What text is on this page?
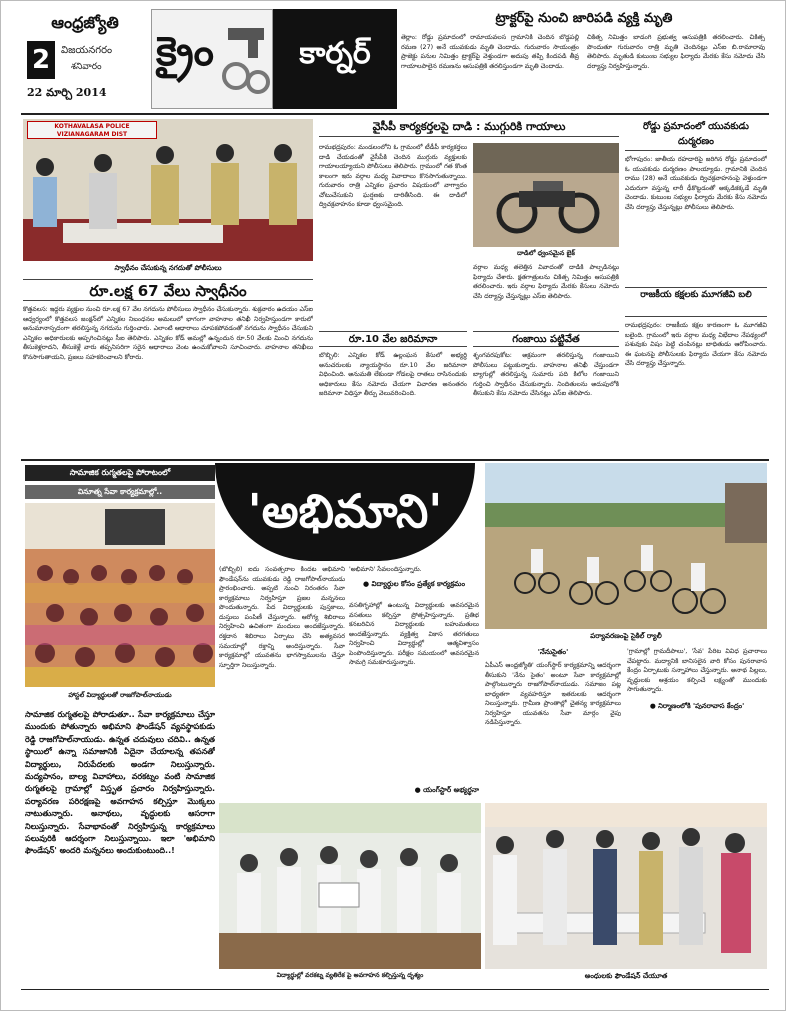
ఆంధ్రజ్యోతి
2	విజయనగరం
శనివారం
22 మార్చి 2014
క్రైం	కార్నర్
ట్రాక్టర్‌పై నుంచి జారిపడి వ్యక్తి మృతి
తెర్లాం: రోడ్డు ప్రమాదంలో రామాయవలస గ్రామానికి చెందిన బొడ్డపల్లి రమణ (27) అనే యువకుడు మృతి చెందాడు. గురువారం సాయంత్రం ప్రాజెక్టు పనుల నిమిత్తం ట్రాక్టర్‌పై వెళ్తుండగా అదుపు తప్పి కిందపడి తీవ్ర గాయాలపాలైన రమణను ఆసుపత్రికి తరలిస్తుండగా మృతి చెందాడు.
చికిత్స నిమిత్తం బాడంగి ప్రభుత్వ ఆసుపత్రికి తరలించారు. చికిత్స పొందుతూ గురువారం రాత్రి మృతి చెందినట్లు ఎస్‌ఐ బి.రామారావు తెలిపారు. మృతుడి కుటుంబ సభ్యుల ఫిర్యాదు మేరకు కేసు నమోదు చేసి దర్యాప్తు నిర్వహిస్తున్నారు.
KOTHAVALASA POLICE VIZIANAGARAM DIST
స్వాధీనం చేసుకున్న నగదుతో పోలీసులు
రూ.లక్ష 67 వేలు స్వాధీనం
కొత్తవలస: ఇద్దరు వ్యక్తుల నుంచి రూ.లక్ష 67 వేల నగదును పోలీసులు స్వాధీనం చేసుకున్నారు. శుక్రవారం ఉదయం ఎస్‌ఐ ఆధ్వర్యంలో కొత్తవలస జంక్షన్‌లో ఎన్నికల నిబంధనల అమలులో భాగంగా వాహనాల తనిఖీ నిర్వహిస్తుండగా కారులో అనుమానాస్పదంగా తరలిస్తున్న నగదును గుర్తించారు. ఎలాంటి ఆధారాలు చూపకపోవడంతో నగదును స్వాధీనం చేసుకుని ఎన్నికల అధికారులకు అప్పగించినట్లు సీఐ తెలిపారు. ఎన్నికల కోడ్ అమల్లో ఉన్నందున రూ.50 వేలకు మించి నగదును తీసుకెళ్లరాదని, తీసుకెళ్లే వారు తప్పనిసరిగా సరైన ఆధారాలు వెంట ఉంచుకోవాలని సూచించారు. వాహనాల తనిఖీలు కొనసాగుతాయని, ప్రజలు సహకరించాలని కోరారు.
వైసీపీ కార్యకర్తలపై దాడి : ముగ్గురికి గాయాలు
రామభద్రపురం: మండలంలోని ఓ గ్రామంలో టీడీపీ కార్యకర్తలు దాడి చేయడంతో వైసీపీకి చెందిన ముగ్గురు వ్యక్తులకు గాయాలయ్యాయని పోలీసులు తెలిపారు. గ్రామంలో గత కొంత కాలంగా ఇరు వర్గాల మధ్య వివాదాలు కొనసాగుతున్నాయి. గురువారం రాత్రి ఎన్నికల ప్రచారం విషయంలో వాగ్వాదం చోటుచేసుకుని ఘర్షణకు దారితీసింది. ఈ దాడిలో ద్విచక్రవాహనం కూడా ధ్వంసమైంది.
దాడిలో ధ్వంసమైన బైక్
వర్గాల మధ్య తలెత్తిన వివాదంతో దాడికి పాల్పడినట్లు ఫిర్యాదు చేశారు. క్షతగాత్రులను చికిత్స నిమిత్తం ఆసుపత్రికి తరలించారు. ఇరు వర్గాల ఫిర్యాదు మేరకు కేసులు నమోదు చేసి దర్యాప్తు చేస్తున్నట్లు ఎస్‌ఐ తెలిపారు.
రూ.10 వేల జరిమానా
బొబ్బిలి: ఎన్నికల కోడ్ ఉల్లంఘన కేసులో అభ్యర్థి అనుచరులకు న్యాయస్థానం రూ.10 వేల జరిమానా విధించింది. అనుమతి లేకుండా గోడలపై రాతలు రాసినందుకు అధికారులు కేసు నమోదు చేయగా విచారణ అనంతరం జరిమానా విధిస్తూ తీర్పు వెలువరించింది.
గంజాయి పట్టివేత
శృంగవరపుకోట: అక్రమంగా తరలిస్తున్న గంజాయిని పోలీసులు పట్టుకున్నారు. వాహనాల తనిఖీ చేస్తుండగా బ్యాగుల్లో తరలిస్తున్న సుమారు పది కిలోల గంజాయిని గుర్తించి స్వాధీనం చేసుకున్నారు. నిందితులను అదుపులోకి తీసుకుని కేసు నమోదు చేసినట్లు ఎస్‌ఐ తెలిపారు.
రోడ్డు ప్రమాదంలో యువకుడు దుర్మరణం
భోగాపురం: జాతీయ రహదారిపై జరిగిన రోడ్డు ప్రమాదంలో ఓ యువకుడు దుర్మరణం పాలయ్యాడు. గ్రామానికి చెందిన రాము (28) అనే యువకుడు ద్విచక్రవాహనంపై వెళ్తుండగా ఎదురుగా వస్తున్న లారీ ఢీకొట్టడంతో అక్కడికక్కడే మృతి చెందాడు. కుటుంబ సభ్యుల ఫిర్యాదు మేరకు కేసు నమోదు చేసి దర్యాప్తు చేస్తున్నట్లు పోలీసులు తెలిపారు.
రాజకీయ కక్షలకు మూగజీవి బలి
రామభద్రపురం: రాజకీయ కక్షల కారణంగా ఓ మూగజీవి బలైంది. గ్రామంలో ఇరు వర్గాల మధ్య విభేదాల నేపథ్యంలో పశువుకు విషం పెట్టి చంపినట్లు బాధితుడు ఆరోపించారు. ఈ ఘటనపై పోలీసులకు ఫిర్యాదు చేయగా కేసు నమోదు చేసి దర్యాప్తు చేస్తున్నారు.
సామాజిక రుగ్మతలపై పోరాటంలో
వినూత్న సేవా కార్యక్రమాల్లో..	'అభిమాని'
హాస్టల్ విద్యార్థులతో రాజగోపాల్‌నాయుడు
సామాజిక రుగ్మతలపై పోరాడుతూ.. సేవా కార్యక్రమాలు చేస్తూ ముందుకు పోతున్నారు అభిమాని ఫౌండేషన్ వ్యవస్థాపకుడు రెడ్డి రాజగోపాల్‌నాయుడు. ఉన్నత చదువులు చదివి.. ఉన్నత స్థాయిలో ఉన్నా సమాజానికి ఏదైనా చేయాలన్న తపనతో విద్యార్థులు, నిరుపేదలకు అండగా నిలుస్తున్నారు. మద్యపానం, బాల్య వివాహాలు, వరకట్నం వంటి సామాజిక రుగ్మతలపై గ్రామాల్లో విస్తృత ప్రచారం నిర్వహిస్తున్నారు. పర్యావరణ పరిరక్షణపై అవగాహన కల్పిస్తూ మొక్కలు నాటుతున్నారు. అనాథలు, వృద్ధులకు ఆసరాగా నిలుస్తున్నారు. సేవాభావంతో నిర్వహిస్తున్న కార్యక్రమాలు పలువురికి ఆదర్శంగా నిలుస్తున్నాయి. ఇలా 'అభిమాని ఫౌండేషన్' అందరి మన్ననలు అందుకుంటుంది..!
(బొబ్బిలి) ఐదు సంవత్సరాల కిందట అభిమాని ఫౌండేషన్‌ను యువకుడు రెడ్డి రాజగోపాల్‌నాయుడు ప్రారంభించారు. అప్పటి నుంచి నిరంతరం సేవా కార్యక్రమాలు నిర్వహిస్తూ ప్రజల మన్ననలు పొందుతున్నారు. పేద విద్యార్థులకు పుస్తకాలు, దుస్తులు పంపిణీ చేస్తున్నారు. ఆరోగ్య శిబిరాలు నిర్వహించి ఉచితంగా మందులు అందజేస్తున్నారు. రక్తదాన శిబిరాలు ఏర్పాటు చేసి అత్యవసర సమయాల్లో రక్తాన్ని అందిస్తున్నారు. సేవా కార్యక్రమాల్లో యువతను భాగస్వాములను చేస్తూ స్ఫూర్తిగా నిలుస్తున్నారు.
'అభిమాని' సేవలందిస్తున్నారు.
● విద్యార్థుల కోసం ప్రత్యేక కార్యక్రమం
వసతిగృహాల్లో ఉంటున్న విద్యార్థులకు అవసరమైన వసతులు కల్పిస్తూ ప్రోత్సహిస్తున్నారు. ప్రతిభ కనబరిచిన విద్యార్థులకు బహుమతులు అందజేస్తున్నారు. వ్యక్తిత్వ వికాస తరగతులు నిర్వహించి విద్యార్థుల్లో ఆత్మవిశ్వాసం పెంపొందిస్తున్నారు. పరీక్షల సమయంలో అవసరమైన సామగ్రి సమకూరుస్తున్నారు.
● యంగ్‌స్టార్ అభ్యర్థనా
పర్యావరణంపై సైకిల్ ర్యాలీ
'నేనుసైతం'
ఏపీఎస్ ఆంధ్రజ్యోతి' యంగ్‌స్టార్ కార్యక్రమాన్ని ఆదర్శంగా తీసుకుని 'నేను సైతం' అంటూ సేవా కార్యక్రమాల్లో పాల్గొంటున్నారు రాజగోపాల్‌నాయుడు. సమాజం పట్ల బాధ్యతగా వ్యవహరిస్తూ ఇతరులకు ఆదర్శంగా నిలుస్తున్నారు. గ్రామీణ ప్రాంతాల్లో చైతన్య కార్యక్రమాలు నిర్వహిస్తూ యువతను సేవా మార్గం వైపు నడిపిస్తున్నారు.
'గ్రామాల్లో గ్రామదీపాలు', 'సేవ' పేరిట వివిధ ప్రచారాలు చేపట్టారు. మద్యానికి బానిసలైన వారి కోసం పునరావాస కేంద్రం ఏర్పాటుకు సన్నాహాలు చేస్తున్నారు. అనాథ పిల్లలు, వృద్ధులకు ఆశ్రయం కల్పించే లక్ష్యంతో ముందుకు సాగుతున్నారు.
● నిర్మాణంలోకి 'పునరావాస కేంద్రం'
విద్యార్థుల్లో వరకట్న వ్యతిరేక పై అవగాహన కల్పిస్తున్న దృశ్యం	అంధులకు ఫౌండేషన్ చేయూత
